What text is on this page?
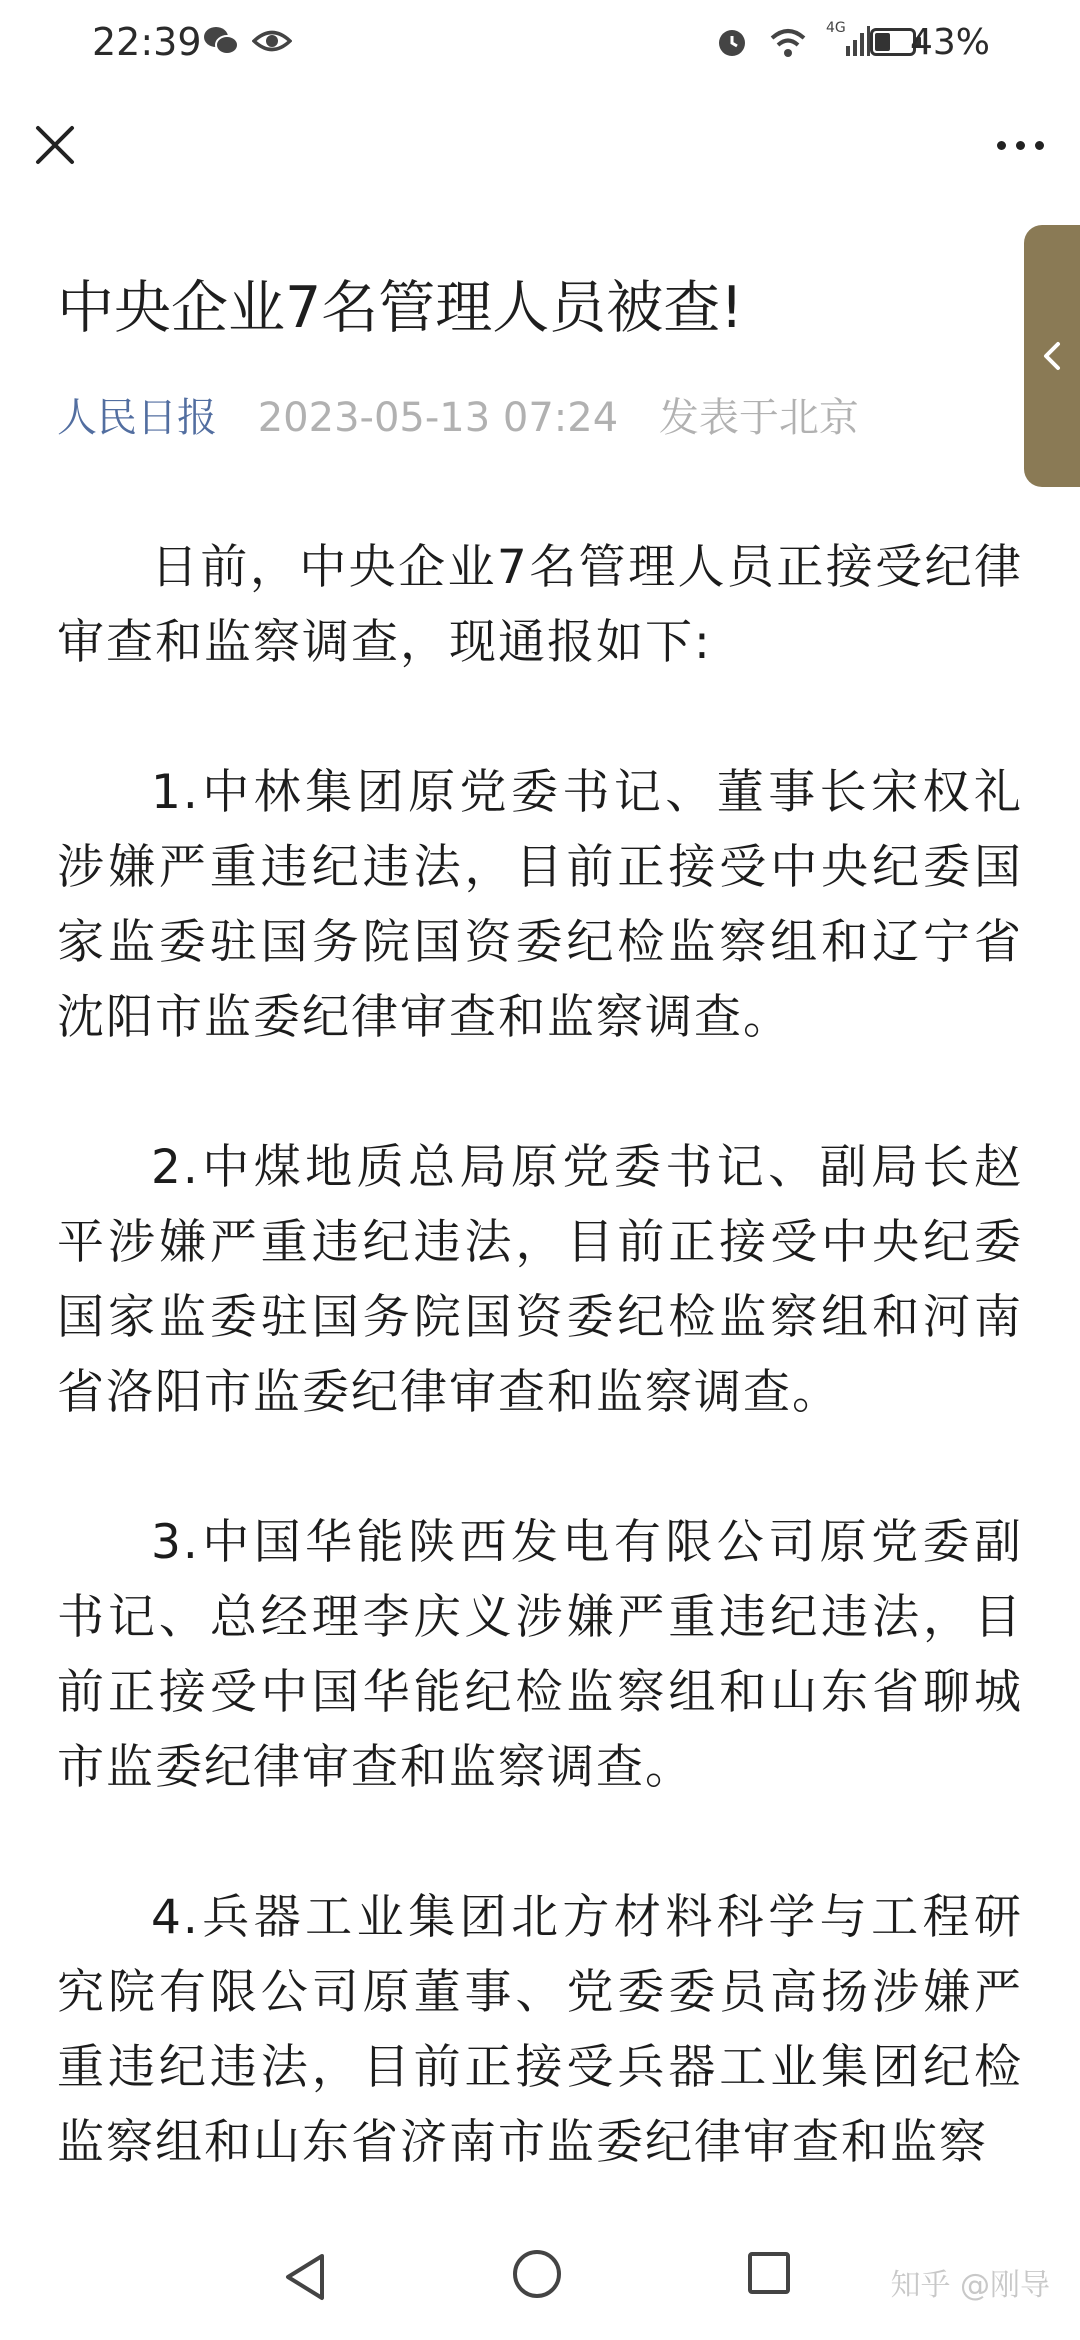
22:39	4G 43%
中央企业7名管理人员被查!
人民日报 2023-05-13 07:24 发表于北京

日前，中央企业7名管理人员正接受纪律审查和监察调查，现通报如下:

1.中林集团原党委书记、董事长宋权礼涉嫌严重违纪违法，目前正接受中央纪委国家监委驻国务院国资委纪检监察组和辽宁省沈阳市监委纪律审查和监察调查。

2.中煤地质总局原党委书记、副局长赵平涉嫌严重违纪违法，目前正接受中央纪委国家监委驻国务院国资委纪检监察组和河南省洛阳市监委纪律审查和监察调查。

3.中国华能陕西发电有限公司原党委副书记、总经理李庆义涉嫌严重违纪违法，目前正接受中国华能纪检监察组和山东省聊城市监委纪律审查和监察调查。

4.兵器工业集团北方材料科学与工程研究院有限公司原董事、党委委员高扬涉嫌严重违纪违法，目前正接受兵器工业集团纪检监察组和山东省济南市监委纪律审查和监察

知乎 @刚导
